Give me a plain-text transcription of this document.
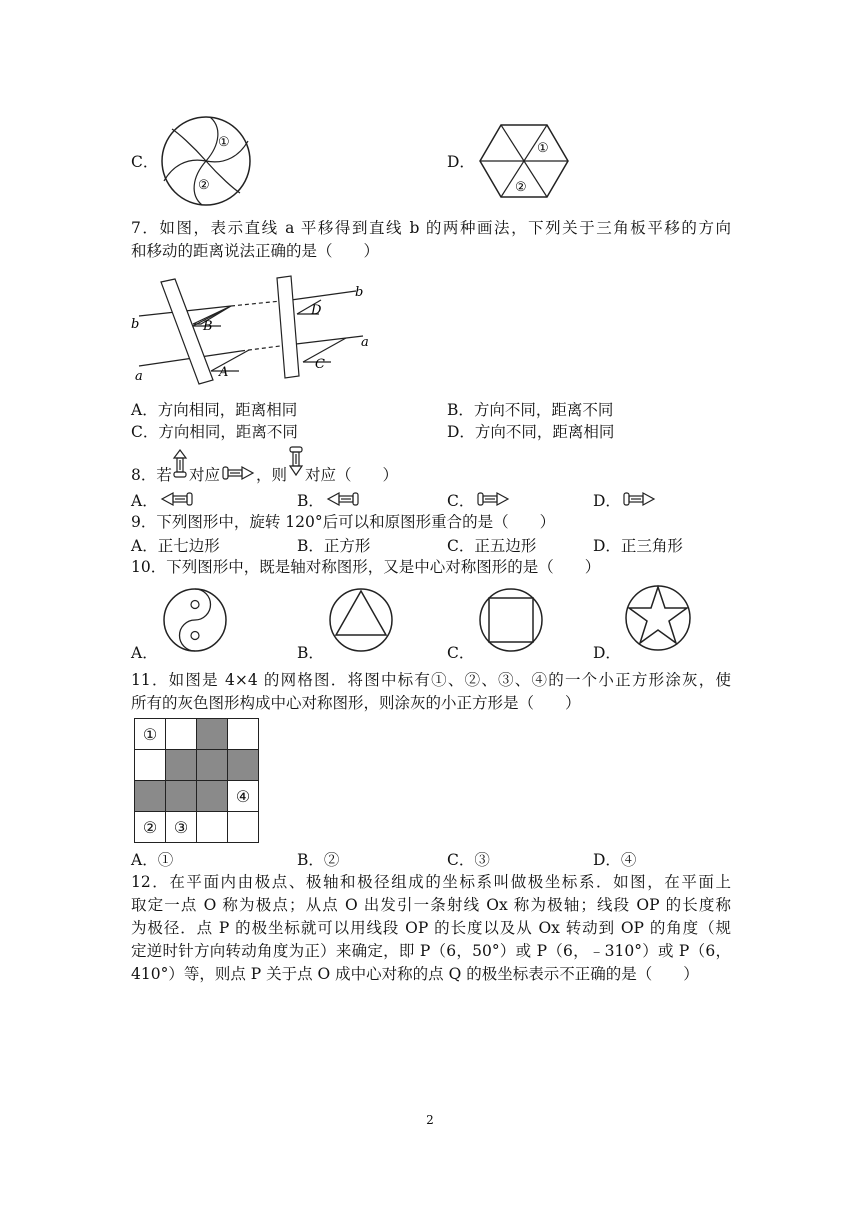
C．
①
②
D．
①
②
7．如图，表示直线 a 平移得到直线 b 的两种画法，下列关于三角板平移的方向
和移动的距离说法正确的是（　　）
b
b
a
a
B
A
D
C
A．方向相同，距离相同	B．方向不同，距离不同
C．方向相同，距离不同	D．方向不同，距离相同
8．若 对应 ，则 对应（　　）
A．	B．	C．	D．
9．下列图形中，旋转 120°后可以和原图形重合的是（　　）
A．正七边形	B．正方形	C．正五边形	D．正三角形
10．下列图形中，既是轴对称图形，又是中心对称图形的是（　　）
A．	B．	C．	D．
11．如图是 4×4 的网格图．将图中标有①、②、③、④的一个小正方形涂灰，使
所有的灰色图形构成中心对称图形，则涂灰的小正方形是（　　）
①			

			④
②	③		
A．①	B．②	C．③	D．④
12．在平面内由极点、极轴和极径组成的坐标系叫做极坐标系．如图，在平面上
取定一点 O 称为极点；从点 O 出发引一条射线 Ox 称为极轴；线段 OP 的长度称
为极径．点 P 的极坐标就可以用线段 OP 的长度以及从 Ox 转动到 OP 的角度（规
定逆时针方向转动角度为正）来确定，即 P（6，50°）或 P（6，﹣310°）或 P（6，
410°）等，则点 P 关于点 O 成中心对称的点 Q 的极坐标表示不正确的是（　　）
2
